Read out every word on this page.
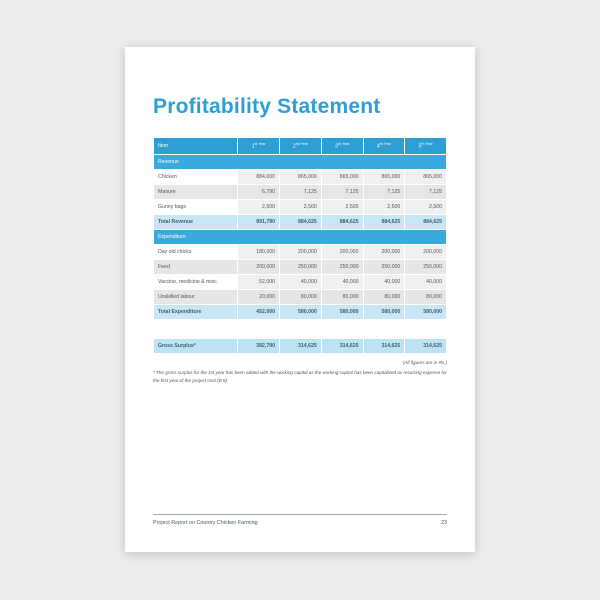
Profitability Statement
Item	$1^{st Year}$	$2^{nd Year}$	$3^{rd Year}$	$4^{th Year}$	$5^{th Year}$
Revenue					
Chicken	884,000	865,000	865,000	865,000	865,000
Manure	6,790	7,125	7,125	7,125	7,125
Gunny bags	2,500	2,500	2,500	2,500	2,500
Total Revenue	891,790	884,625	884,625	884,625	884,625
Expenditure					
Day old chicks	180,000	200,000	200,000	200,000	200,000
Feed	200,000	250,000	250,000	250,000	250,000
Vaccine, medicine & misc.	52,000	40,000	40,000	40,000	40,000
Unskilled labour	20,000	80,000	80,000	80,000	80,000
Total Expenditure	452,000	580,000	580,000	580,000	580,000

Gross Surplus*	382,790	314,625	314,625	314,625	314,625
(All figures are in Rs.)
* The gross surplus for the 1st year has been added with the working capital as the working capital has been capitalized as recurring expense for the first year of the project cost (B 8)
Project Report on Country Chicken Farming	23
